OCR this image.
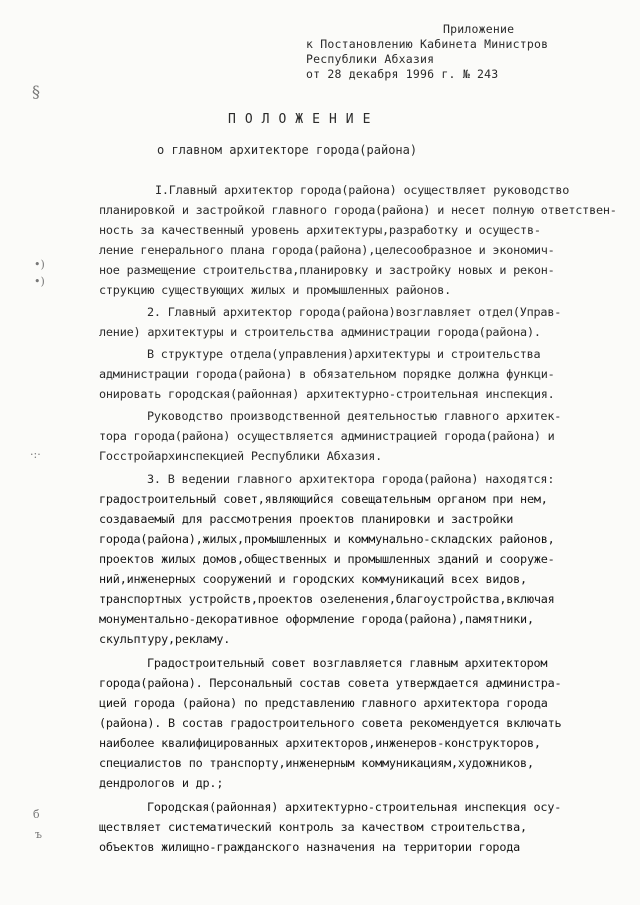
Приложение
к Постановлению Кабинета Министров
Республики Абхазия
от 28 декабря 1996 г. № 243
ПОЛОЖЕНИЕ
о главном архитекторе города(района)
I.Главный архитектор города(района) осуществляет руководство
планировкой и застройкой главного города(района) и несет полную ответствен-
ность за качественный уровень архитектуры,разработку и осуществ-
ление генерального плана города(района),целесообразное и экономич-
ное размещение строительства,планировку и застройку новых и рекон-
струкцию существующих жилых и промышленных районов.
2. Главный архитектор города(района)возглавляет отдел(Управ-
ление) архитектуры и строительства администрации города(района).
В структуре отдела(управления)архитектуры и строительства
администрации города(района) в обязательном порядке должна функци-
онировать городская(районная) архитектурно-строительная инспекция.
Руководство производственной деятельностью главного архитек-
тора города(района) осуществляется администрацией города(района) и
Госстройархинспекцией Республики Абхазия.
3. В ведении главного архитектора города(района) находятся:
градостроительный совет,являющийся совещательным органом при нем,
создаваемый для рассмотрения проектов планировки и застройки
города(района),жилых,промышленных и коммунально-складских районов,
проектов жилых домов,общественных и промышленных зданий и сооруже-
ний,инженерных сооружений и городских коммуникаций всех видов,
транспортных устройств,проектов озеленения,благоустройства,включая
монументально-декоративное оформление города(района),памятники,
скульптуру,рекламу.
Градостроительный совет возглавляется главным архитектором
города(района). Персональный состав совета утверждается администра-
цией города (района) по представлению главного архитектора города
(района). В состав градостроительного совета рекомендуется включать
наиболее квалифицированных архитекторов,инженеров-конструкторов,
специалистов по транспорту,инженерным коммуникациям,художников,
дендрологов и др.;
Городская(районная) архитектурно-строительная инспекция осу-
ществляет систематический контроль за качеством строительства,
объектов жилищно-гражданского назначения на территории города
§
•)
•)
·:·
б
ъ
